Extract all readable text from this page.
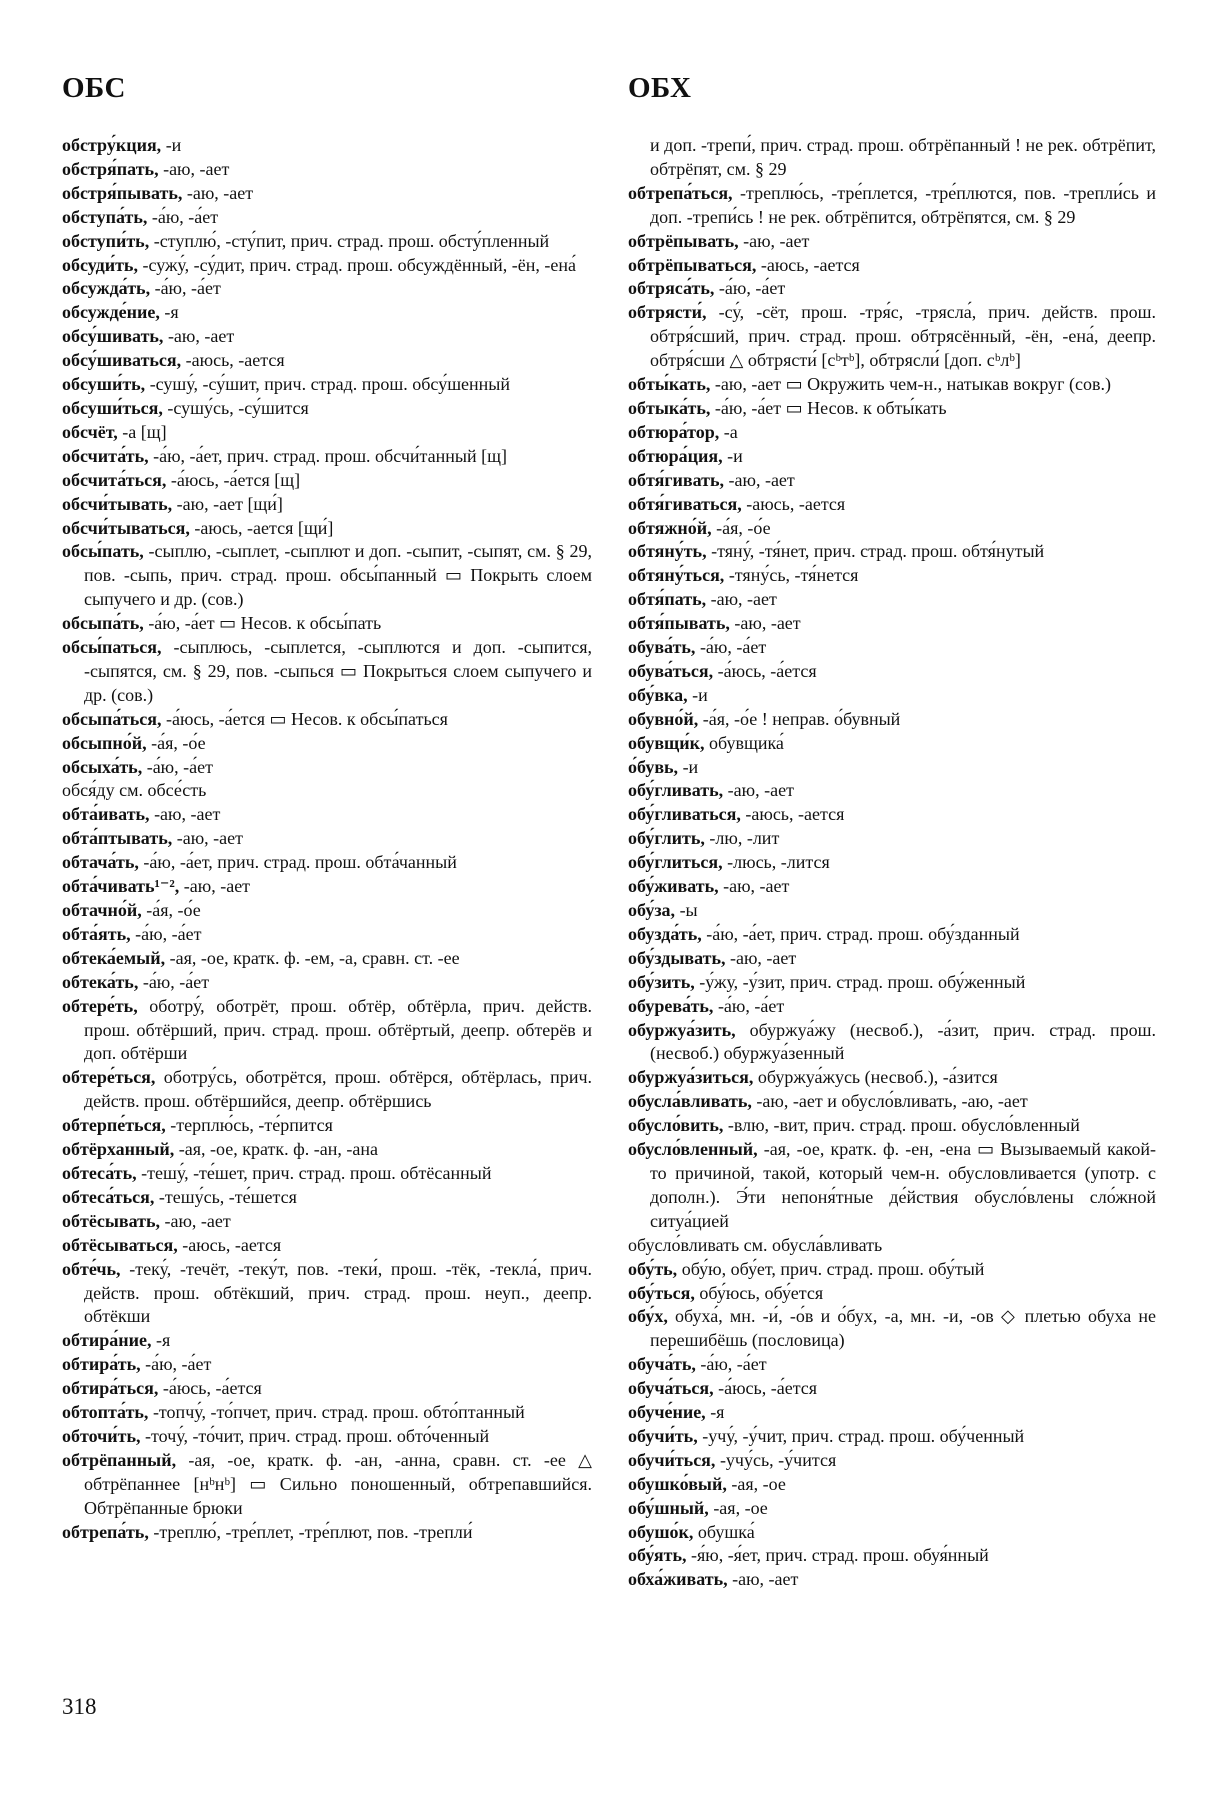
ОБС	ОБХ
обстру́кция, -и
обстря́пать, -аю, -ает
обстря́пывать, -аю, -ает
обступа́ть, -а́ю, -а́ет
обступи́ть, -ступлю́, -сту́пит, прич. страд. прош. обсту́пленный
обсуди́ть, -сужу́, -су́дит, прич. страд. прош. обсуждённый, -ён, -ена́
обсужда́ть, -а́ю, -а́ет
обсужде́ние, -я
обсу́шивать, -аю, -ает
обсу́шиваться, -аюсь, -ается
обсуши́ть, -сушу́, -су́шит, прич. страд. прош. обсу́шенный
обсуши́ться, -сушу́сь, -су́шится
обсчёт, -а [щ]
обсчита́ть, -а́ю, -а́ет, прич. страд. прош. обсчи́танный [щ]
обсчита́ться, -а́юсь, -а́ется [щ]
обсчи́тывать, -аю, -ает [щи́]
обсчи́тываться, -аюсь, -ается [щи́]
обсы́пать, -сыплю, -сыплет, -сыплют и доп. -сыпит, -сыпят, см. § 29, пов. -сыпь, прич. страд. прош. обсы́панный ▭ Покрыть слоем сыпучего и др. (сов.)
обсыпа́ть, -а́ю, -а́ет ▭ Несов. к обсы́пать
обсы́паться, -сыплюсь, -сыплется, -сыплются и доп. -сыпится, -сыпятся, см. § 29, пов. -сыпься ▭ Покрыться слоем сыпучего и др. (сов.)
обсыпа́ться, -а́юсь, -а́ется ▭ Несов. к обсы́паться
обсыпно́й, -а́я, -о́е
обсыха́ть, -а́ю, -а́ет
обся́ду см. обсе́сть
обта́ивать, -аю, -ает
обта́птывать, -аю, -ает
обтача́ть, -а́ю, -а́ет, прич. страд. прош. обта́чанный
обта́чивать¹⁻², -аю, -ает
обтачно́й, -а́я, -о́е
обта́ять, -а́ю, -а́ет
обтека́емый, -ая, -ое, кратк. ф. -ем, -а, сравн. ст. -ее
обтека́ть, -а́ю, -а́ет
обтере́ть, оботру́, оботрёт, прош. обтёр, обтёрла, прич. действ. прош. обтёрший, прич. страд. прош. обтёртый, деепр. обтерёв и доп. обтёрши
обтере́ться, оботру́сь, оботрётся, прош. обтёрся, обтёрлась, прич. действ. прош. обтёршийся, деепр. обтёршись
обтерпе́ться, -терплю́сь, -те́рпится
обтёрханный, -ая, -ое, кратк. ф. -ан, -ана
обтеса́ть, -тешу́, -те́шет, прич. страд. прош. обтёсанный
обтеса́ться, -тешу́сь, -те́шется
обтёсывать, -аю, -ает
обтёсываться, -аюсь, -ается
обте́чь, -теку́, -течёт, -теку́т, пов. -теки́, прош. -тёк, -текла́, прич. действ. прош. обтёкший, прич. страд. прош. неуп., деепр. обтёкши
обтира́ние, -я
обтира́ть, -а́ю, -а́ет
обтира́ться, -а́юсь, -а́ется
обтопта́ть, -топчу́, -то́пчет, прич. страд. прош. обто́птанный
обточи́ть, -точу́, -то́чит, прич. страд. прош. обто́ченный
обтрёпанный, -ая, -ое, кратк. ф. -ан, -анна, сравн. ст. -ее △ обтрёпаннее [нᵇнᵇ] ▭ Сильно поношенный, обтрепавшийся. Обтрёпанные брюки
обтрепа́ть, -треплю́, -тре́плет, -тре́плют, пов. -трепли́
и доп. -трепи́, прич. страд. прош. обтрёпанный ! не рек. обтрёпит, обтрёпят, см. § 29
обтрепа́ться, -треплю́сь, -тре́плется, -тре́плются, пов. -трепли́сь и доп. -трепи́сь ! не рек. обтрёпится, обтрёпятся, см. § 29
обтрёпывать, -аю, -ает
обтрёпываться, -аюсь, -ается
обтряса́ть, -а́ю, -а́ет
обтрясти́, -су́, -сёт, прош. -тря́с, -трясла́, прич. действ. прош. обтря́сший, прич. страд. прош. обтрясённый, -ён, -ена́, деепр. обтря́сши △ обтрясти́ [сᵇтᵇ], обтрясли́ [доп. сᵇлᵇ]
обты́кать, -аю, -ает ▭ Окружить чем-н., натыкав вокруг (сов.)
обтыка́ть, -а́ю, -а́ет ▭ Несов. к обты́кать
обтюра́тор, -а
обтюра́ция, -и
обтя́гивать, -аю, -ает
обтя́гиваться, -аюсь, -ается
обтяжно́й, -а́я, -о́е
обтяну́ть, -тяну́, -тя́нет, прич. страд. прош. обтя́нутый
обтяну́ться, -тяну́сь, -тя́нется
обтя́пать, -аю, -ает
обтя́пывать, -аю, -ает
обува́ть, -а́ю, -а́ет
обува́ться, -а́юсь, -а́ется
обу́вка, -и
обувно́й, -а́я, -о́е ! неправ. о́бувный
обувщи́к, обувщика́
о́бувь, -и
обу́гливать, -аю, -ает
обу́гливаться, -аюсь, -ается
обу́глить, -лю, -лит
обу́глиться, -люсь, -лится
обу́живать, -аю, -ает
обу́за, -ы
обузда́ть, -а́ю, -а́ет, прич. страд. прош. обу́зданный
обу́здывать, -аю, -ает
обу́зить, -у́жу, -у́зит, прич. страд. прош. обу́женный
обурева́ть, -а́ю, -а́ет
обуржуа́зить, обуржуа́жу (несвоб.), -а́зит, прич. страд. прош. (несвоб.) обуржуа́зенный
обуржуа́зиться, обуржуа́жусь (несвоб.), -а́зится
обусла́вливать, -аю, -ает и обусло́вливать, -аю, -ает
обусло́вить, -влю, -вит, прич. страд. прош. обусло́вленный
обусло́вленный, -ая, -ое, кратк. ф. -ен, -ена ▭ Вызываемый какой-то причиной, такой, который чем-н. обусловливается (употр. с дополн.). Э́ти непоня́тные де́йствия обусло́влены сло́жной ситуа́цией
обусло́вливать см. обусла́вливать
обу́ть, обу́ю, обу́ет, прич. страд. прош. обу́тый
обу́ться, обу́юсь, обу́ется
обу́х, обуха́, мн. -и́, -о́в и о́бух, -а, мн. -и, -ов ◇ плетью обуха не перешибёшь (пословица)
обуча́ть, -а́ю, -а́ет
обуча́ться, -а́юсь, -а́ется
обуче́ние, -я
обучи́ть, -учу́, -у́чит, прич. страд. прош. обу́ченный
обучи́ться, -учу́сь, -у́чится
обушко́вый, -ая, -ое
обу́шный, -ая, -ое
обушо́к, обушка́
обу́ять, -я́ю, -я́ет, прич. страд. прош. обуя́нный
обха́живать, -аю, -ает
318
